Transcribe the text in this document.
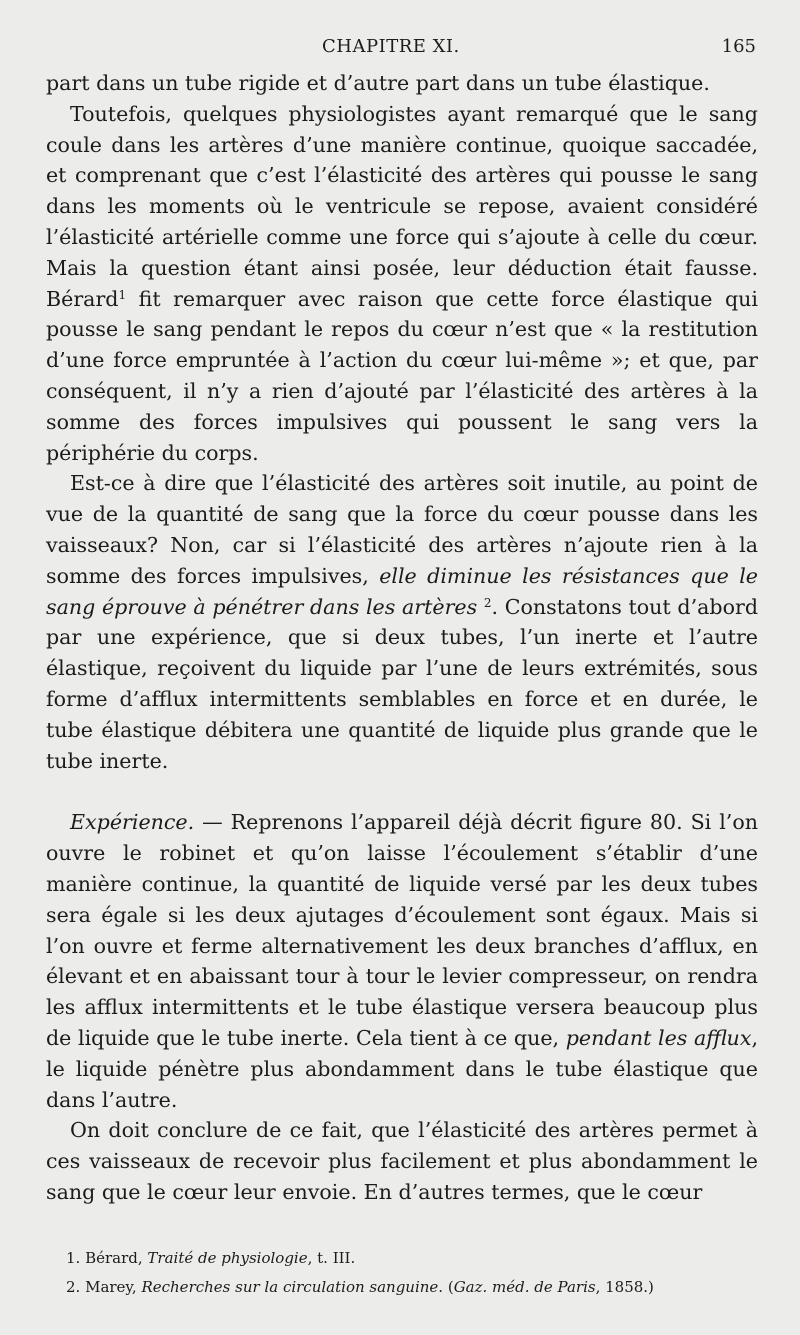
CHAPITRE XI.	165

part dans un tube rigide et d’autre part dans un tube élastique.

Toutefois, quelques physiologistes ayant remarqué que le sang coule dans les artères d’une manière continue, quoique saccadée, et comprenant que c’est l’élasticité des artères qui pousse le sang dans les moments où le ventricule se repose, avaient considéré l’élasticité artérielle comme une force qui s’ajoute à celle du cœur. Mais la question étant ainsi posée, leur déduction était fausse. Bérard$^1$ fit remarquer avec raison que cette force élastique qui pousse le sang pendant le repos du cœur n’est que « la restitution d’une force empruntée à l’action du cœur lui-même »; et que, par conséquent, il n’y a rien d’ajouté par l’élasticité des artères à la somme des forces impulsives qui poussent le sang vers la périphérie du corps.

Est-ce à dire que l’élasticité des artères soit inutile, au point de vue de la quantité de sang que la force du cœur pousse dans les vaisseaux? Non, car si l’élasticité des artères n’ajoute rien à la somme des forces impulsives, elle diminue les résistances que le sang éprouve à pénétrer dans les artères $^2$. Constatons tout d’abord par une expérience, que si deux tubes, l’un inerte et l’autre élastique, reçoivent du liquide par l’une de leurs extrémités, sous forme d’afflux intermittents semblables en force et en durée, le tube élastique débitera une quantité de liquide plus grande que le tube inerte.

Expérience. — Reprenons l’appareil déjà décrit figure 80. Si l’on ouvre le robinet et qu’on laisse l’écoulement s’établir d’une manière continue, la quantité de liquide versé par les deux tubes sera égale si les deux ajutages d’écoulement sont égaux. Mais si l’on ouvre et ferme alternativement les deux branches d’afflux, en élevant et en abaissant tour à tour le levier compresseur, on rendra les afflux intermittents et le tube élastique versera beaucoup plus de liquide que le tube inerte. Cela tient à ce que, pendant les afflux, le liquide pénètre plus abondamment dans le tube élastique que dans l’autre.

On doit conclure de ce fait, que l’élasticité des artères permet à ces vaisseaux de recevoir plus facilement et plus abondamment le sang que le cœur leur envoie. En d’autres termes, que le cœur

1. Bérard, Traité de physiologie, t. III.

2. Marey, Recherches sur la circulation sanguine. (Gaz. méd. de Paris, 1858.)
